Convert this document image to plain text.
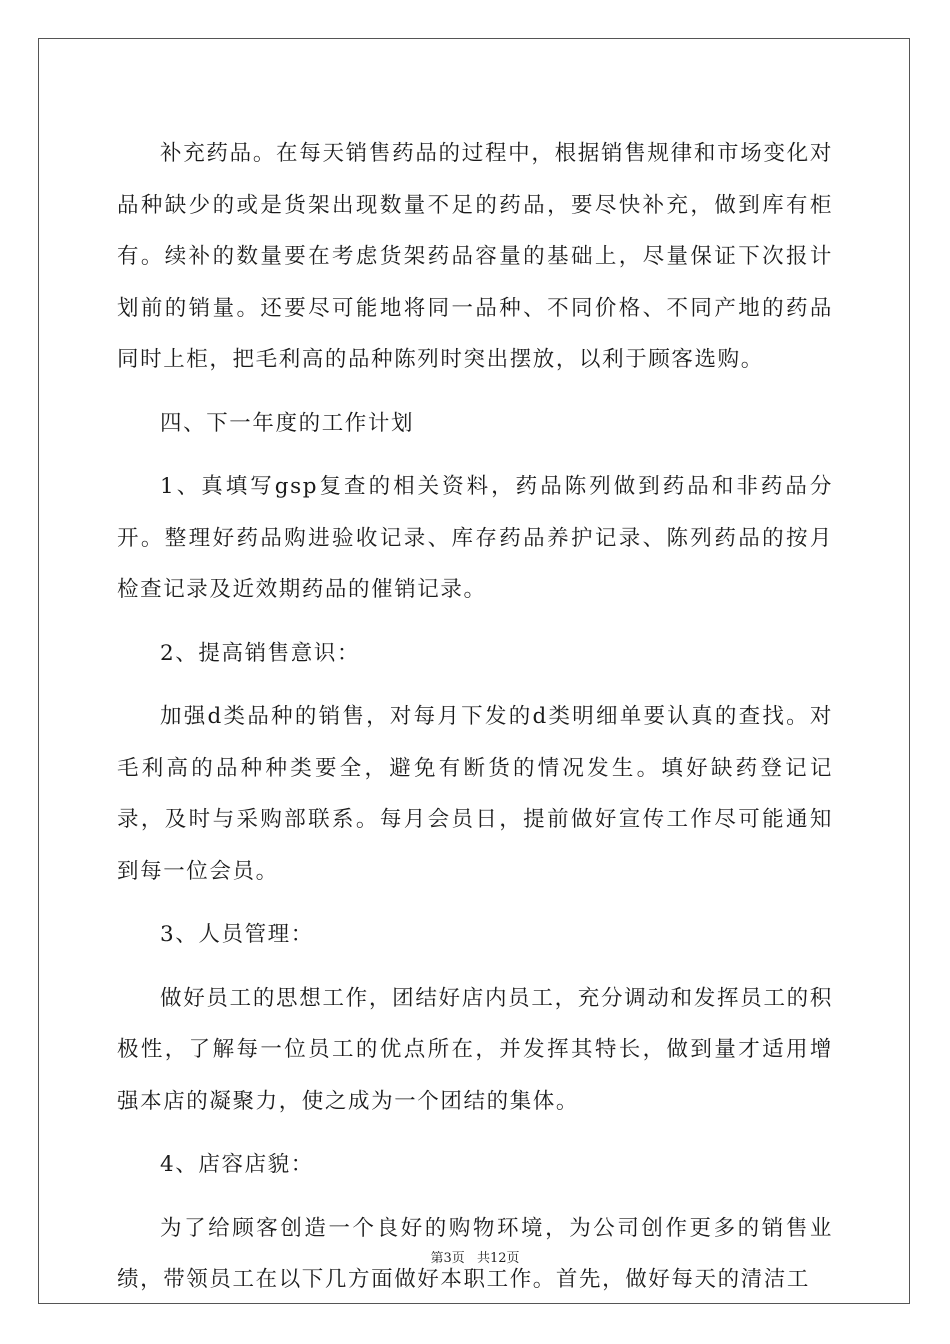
补充药品。在每天销售药品的过程中，根据销售规律和市场变化对品种缺少的或是货架出现数量不足的药品，要尽快补充，做到库有柜有。续补的数量要在考虑货架药品容量的基础上，尽量保证下次报计划前的销量。还要尽可能地将同一品种、不同价格、不同产地的药品同时上柜，把毛利高的品种陈列时突出摆放，以利于顾客选购。

四、下一年度的工作计划

1、真填写gsp复查的相关资料，药品陈列做到药品和非药品分开。整理好药品购进验收记录、库存药品养护记录、陈列药品的按月检查记录及近效期药品的催销记录。

2、提高销售意识：

加强d类品种的销售，对每月下发的d类明细单要认真的查找。对毛利高的品种种类要全，避免有断货的情况发生。填好缺药登记记录，及时与采购部联系。每月会员日，提前做好宣传工作尽可能通知到每一位会员。

3、人员管理：

做好员工的思想工作，团结好店内员工，充分调动和发挥员工的积极性，了解每一位员工的优点所在，并发挥其特长，做到量才适用增强本店的凝聚力，使之成为一个团结的集体。

4、店容店貌：

为了给顾客创造一个良好的购物环境，为公司创作更多的销售业绩，带领员工在以下几方面做好本职工作。首先，做好每天的清洁工

第3页 共12页
